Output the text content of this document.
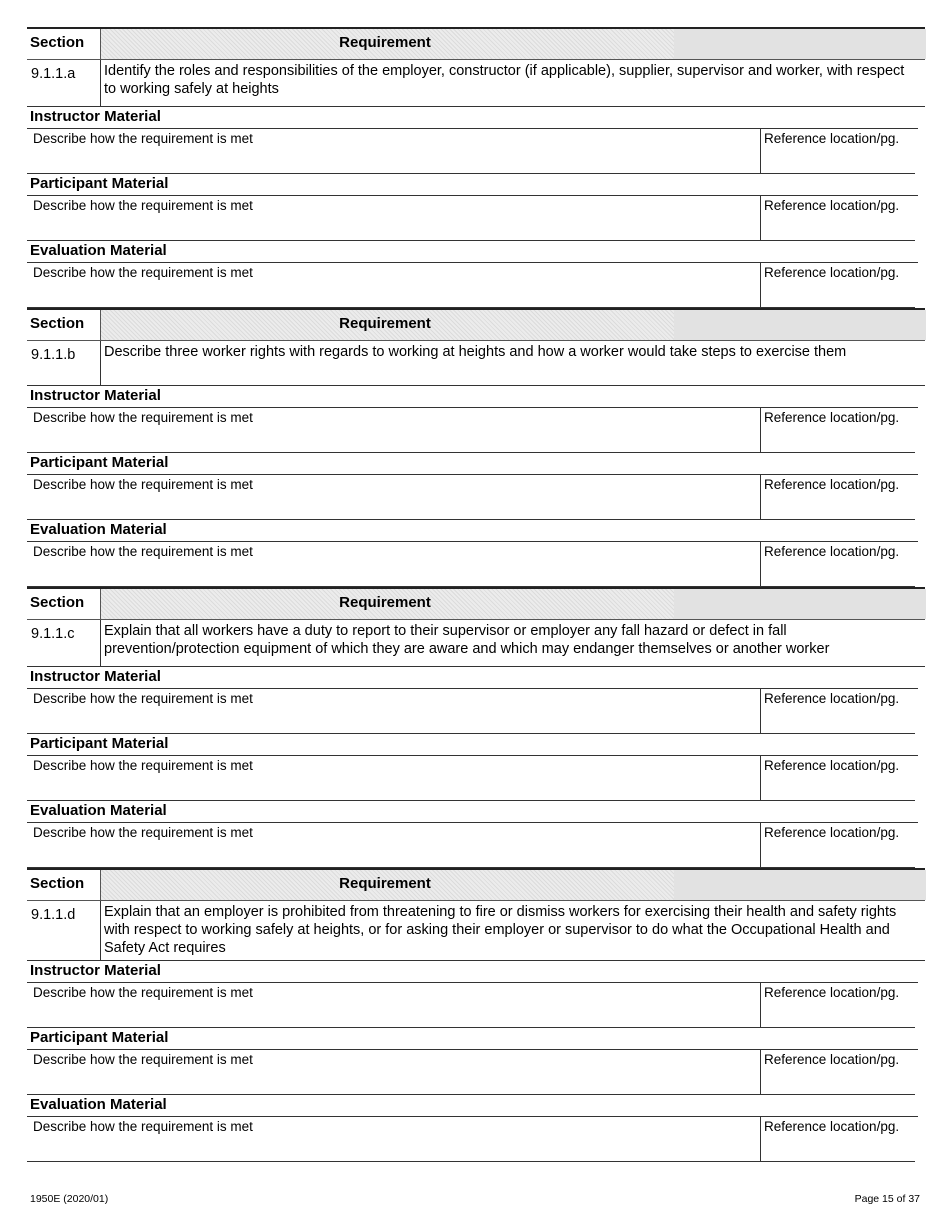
Section	Requirement
9.1.1.a	Identify the roles and responsibilities of the employer, constructor (if applicable), supplier, supervisor and worker, with respect to working safely at heights
Instructor Material
Describe how the requirement is met	Reference location/pg.
Participant Material
Describe how the requirement is met	Reference location/pg.
Evaluation Material
Describe how the requirement is met	Reference location/pg.
Section	Requirement
9.1.1.b	Describe three worker rights with regards to working at heights and how a worker would take steps to exercise them
Instructor Material
Describe how the requirement is met	Reference location/pg.
Participant Material
Describe how the requirement is met	Reference location/pg.
Evaluation Material
Describe how the requirement is met	Reference location/pg.
Section	Requirement
9.1.1.c	Explain that all workers have a duty to report to their supervisor or employer any fall hazard or defect in fall prevention/protection equipment of which they are aware and which may endanger themselves or another worker
Instructor Material
Describe how the requirement is met	Reference location/pg.
Participant Material
Describe how the requirement is met	Reference location/pg.
Evaluation Material
Describe how the requirement is met	Reference location/pg.
Section	Requirement
9.1.1.d	Explain that an employer is prohibited from threatening to fire or dismiss workers for exercising their health and safety rights with respect to working safely at heights, or for asking their employer or supervisor to do what the Occupational Health and Safety Act requires
Instructor Material
Describe how the requirement is met	Reference location/pg.
Participant Material
Describe how the requirement is met	Reference location/pg.
Evaluation Material
Describe how the requirement is met	Reference location/pg.
1950E (2020/01)	Page 15 of 37
